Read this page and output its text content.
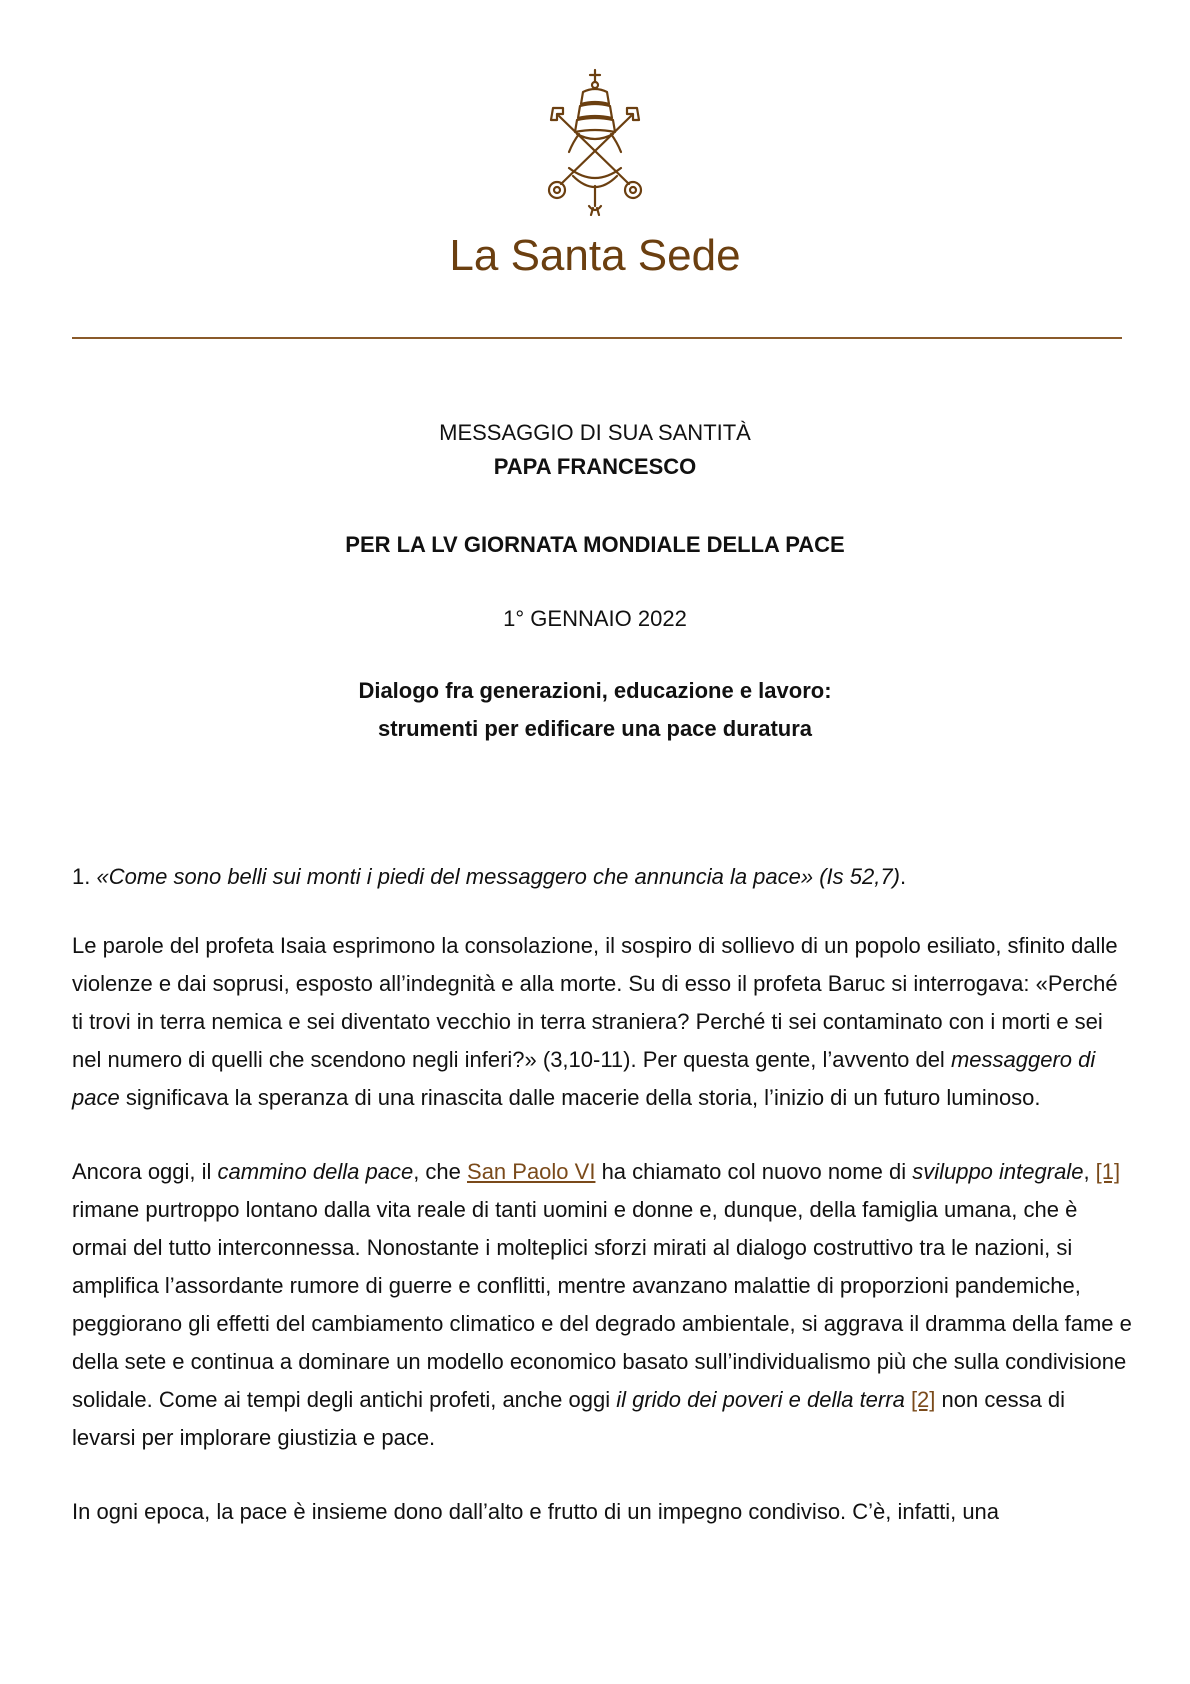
La Santa Sede
MESSAGGIO DI SUA SANTITÀ
PAPA FRANCESCO
PER LA LV GIORNATA MONDIALE DELLA PACE
1° GENNAIO 2022
Dialogo fra generazioni, educazione e lavoro:
strumenti per edificare una pace duratura

1. «Come sono belli sui monti i piedi del messaggero che annuncia la pace» (Is 52,7).

Le parole del profeta Isaia esprimono la consolazione, il sospiro di sollievo di un popolo esiliato, sfinito dalle violenze e dai soprusi, esposto all’indegnità e alla morte. Su di esso il profeta Baruc si interrogava: «Perché ti trovi in terra nemica e sei diventato vecchio in terra straniera? Perché ti sei contaminato con i morti e sei nel numero di quelli che scendono negli inferi?» (3,10-11). Per questa gente, l’avvento del messaggero di pace significava la speranza di una rinascita dalle macerie della storia, l’inizio di un futuro luminoso.

Ancora oggi, il cammino della pace, che San Paolo VI ha chiamato col nuovo nome di sviluppo integrale, [1] rimane purtroppo lontano dalla vita reale di tanti uomini e donne e, dunque, della famiglia umana, che è ormai del tutto interconnessa. Nonostante i molteplici sforzi mirati al dialogo costruttivo tra le nazioni, si amplifica l’assordante rumore di guerre e conflitti, mentre avanzano malattie di proporzioni pandemiche, peggiorano gli effetti del cambiamento climatico e del degrado ambientale, si aggrava il dramma della fame e della sete e continua a dominare un modello economico basato sull’individualismo più che sulla condivisione solidale. Come ai tempi degli antichi profeti, anche oggi il grido dei poveri e della terra [2] non cessa di levarsi per implorare giustizia e pace.

In ogni epoca, la pace è insieme dono dall’alto e frutto di un impegno condiviso. C’è, infatti, una
